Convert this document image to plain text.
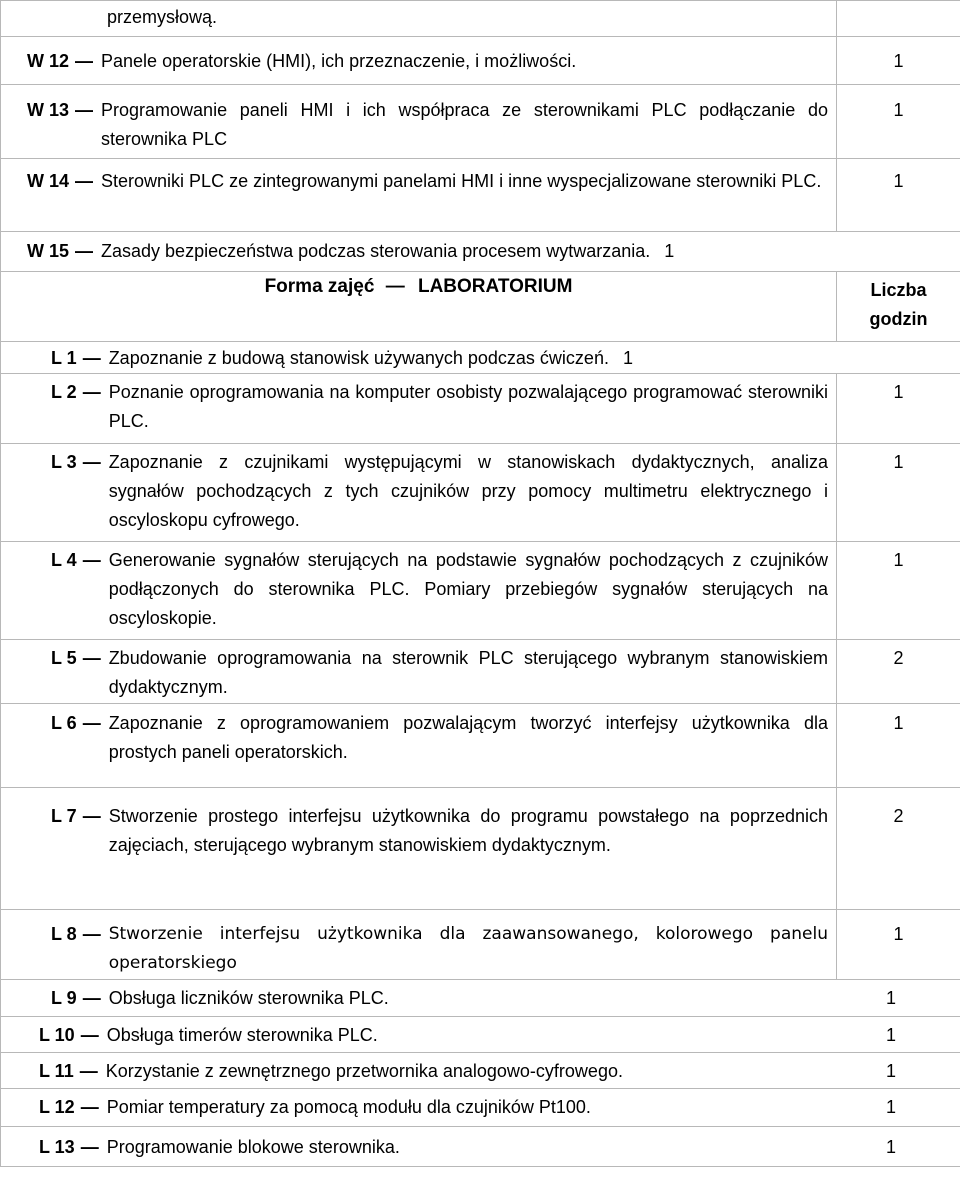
przemysłową.	

W 12 — Panele operatorskie (HMI), ich przeznaczenie, i możliwości.	1

W 13 — Programowanie paneli HMI i ich współpraca ze sterownikami PLC podłączanie do sterownika PLC	1

W 14 — Sterowniki PLC ze zintegrowanymi panelami HMI i inne wyspecjalizowane sterowniki PLC.	1

W 15 — Zasady bezpieczeństwa podczas sterowania procesem wytwarzania. 1	

Forma zajęć — LABORATORIUM	Liczba
godzin

L 1 — Zapoznanie z budową stanowisk używanych podczas ćwiczeń. 1	

L 2 — Poznanie oprogramowania na komputer osobisty pozwalającego programować sterowniki PLC.	1

L 3 — Zapoznanie z czujnikami występującymi w stanowiskach dydaktycznych, analiza sygnałów pochodzących z tych czujników przy pomocy multimetru elektrycznego i oscyloskopu cyfrowego.	1

L 4 — Generowanie sygnałów sterujących na podstawie sygnałów pochodzących z czujników podłączonych do sterownika PLC. Pomiary przebiegów sygnałów sterujących na oscyloskopie.	1

L 5 — Zbudowanie oprogramowania na sterownik PLC sterującego wybranym stanowiskiem dydaktycznym.	2

L 6 — Zapoznanie z oprogramowaniem pozwalającym tworzyć interfejsy użytkownika dla prostych paneli operatorskich.	1

L 7 — Stworzenie prostego interfejsu użytkownika do programu powstałego na poprzednich zajęciach, sterującego wybranym stanowiskiem dydaktycznym.	2

L 8 — Stworzenie interfejsu użytkownika dla zaawansowanego, kolorowego panelu operatorskiego	1

L 9 — Obsługa liczników sterownika PLC. 1	

L 10 — Obsługa timerów sterownika PLC. 1	

L 11 — Korzystanie z zewnętrznego przetwornika analogowo-cyfrowego. 1	

L 12 — Pomiar temperatury za pomocą modułu dla czujników Pt100. 1	

L 13 — Programowanie blokowe sterownika. 1	
